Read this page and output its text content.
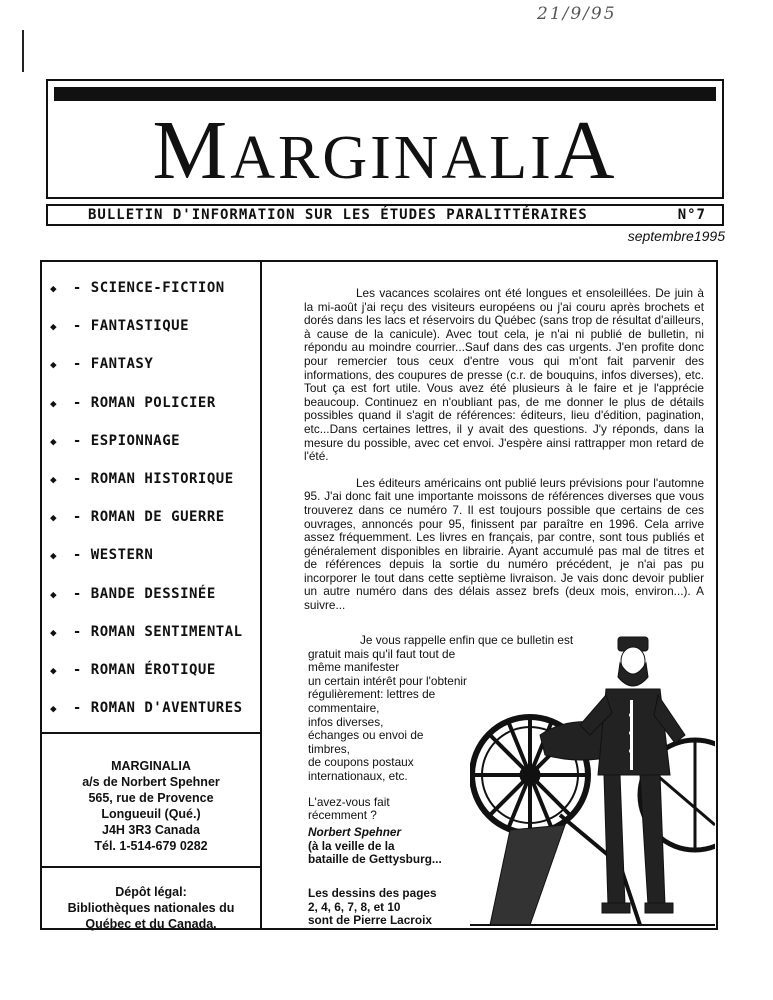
21/9/95
MARGINALIA
BULLETIN D'INFORMATION SUR LES ÉTUDES PARALITTÉRAIRES	N°7
septembre1995
◆ - SCIENCE-FICTION
◆ - FANTASTIQUE
◆ - FANTASY
◆ - ROMAN POLICIER
◆ - ESPIONNAGE
◆ - ROMAN HISTORIQUE
◆ - ROMAN DE GUERRE
◆ - WESTERN
◆ - BANDE DESSINÉE
◆ - ROMAN SENTIMENTAL
◆ - ROMAN ÉROTIQUE
◆ - ROMAN D'AVENTURES
MARGINALIA
a/s de Norbert Spehner
565, rue de Provence
Longueuil (Qué.)
J4H 3R3 Canada
Tél. 1-514-679 0282
Dépôt légal:
Bibliothèques nationales du
Québec et du Canada.

Les vacances scolaires ont été longues et ensoleillées. De juin à la mi-août j'ai reçu des visiteurs européens ou j'ai couru après brochets et dorés dans les lacs et réservoirs du Québec (sans trop de résultat d'ailleurs, à cause de la canicule). Avec tout cela, je n'ai ni publié de bulletin, ni répondu au moindre courrier...Sauf dans des cas urgents. J'en profite donc pour remercier tous ceux d'entre vous qui m'ont fait parvenir des informations, des coupures de presse (c.r. de bouquins, infos diverses), etc. Tout ça est fort utile. Vous avez été plusieurs à le faire et je l'apprécie beaucoup. Continuez en n'oubliant pas, de me donner le plus de détails possibles quand il s'agit de références: éditeurs, lieu d'édition, pagination, etc...Dans certaines lettres, il y avait des questions. J'y réponds, dans la mesure du possible, avec cet envoi. J'espère ainsi rattrapper mon retard de l'été.

Les éditeurs américains ont publié leurs prévisions pour l'automne 95. J'ai donc fait une importante moissons de références diverses que vous trouverez dans ce numéro 7. Il est toujours possible que certains de ces ouvrages, annoncés pour 95, finissent par paraître en 1996. Cela arrive assez fréquemment. Les livres en français, par contre, sont tous publiés et généralement disponibles en librairie. Ayant accumulé pas mal de titres et de références depuis la sortie du numéro précédent, je n'ai pas pu incorporer le tout dans cette septième livraison. Je vais donc devoir publier un autre numéro dans des délais assez brefs (deux mois, environ...). A suivre...

Je vous rappelle enfin que ce bulletin est
gratuit mais qu'il faut tout de même manifester
un certain intérêt pour l'obtenir
régulièrement: lettres de
commentaire,
infos diverses,
échanges ou envoi de
timbres,
de coupons postaux
internationaux, etc.
L'avez-vous fait
récemment ?
Norbert Spehner
(à la veille de la
bataille de Gettysburg...
Les dessins des pages
2, 4, 6, 7, 8, et 10
sont de Pierre Lacroix
